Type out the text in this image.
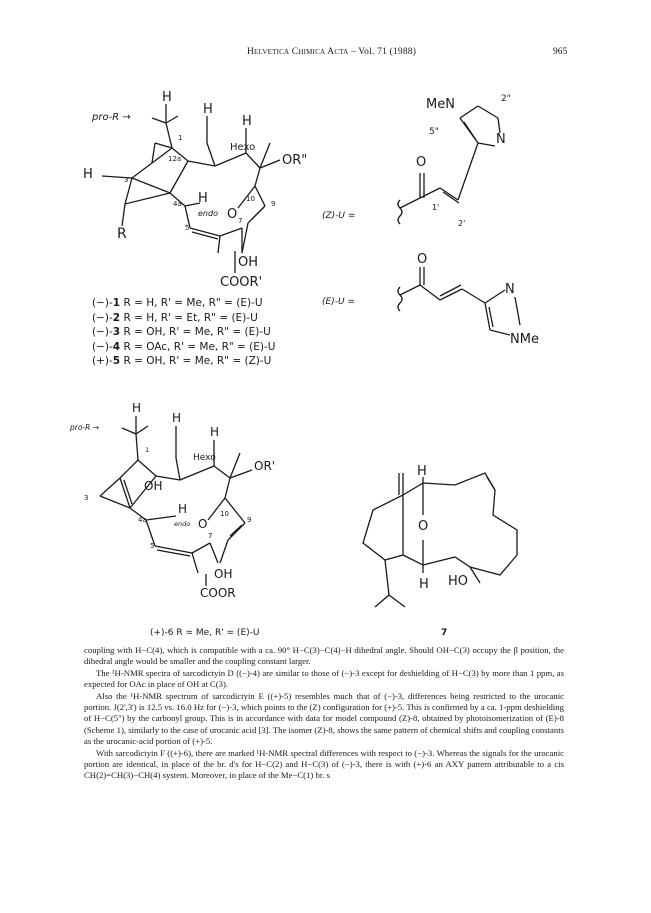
Helvetica Chimica Acta – Vol. 71 (1988)	965
pro-R →
H
H
H
Hexo
OR"
H
H
endo O
R
OH
COOR'
1
12a
3
4a
5
7
9
10
(−)-1 R = H, R' = Me, R" = (E)-U
(−)-2 R = H, R' = Et, R" = (E)-U
(−)-3 R = OH, R' = Me, R" = (E)-U
(−)-4 R = OAc, R' = Me, R" = (E)-U
(+)-5 R = OH, R' = Me, R" = (Z)-U
MeN	2"
5"	N
O
(Z)-U =
1'
2'
O
N
(E)-U =
NMe
pro-R →
H
H
H
Hexo
OR'
OH
H
endo O
OH
COOR
1
3
4a
5
7
9
10
(+)-6 R = Me, R' = (E)-U
H
O
H HO
7

coupling with H−C(4), which is compatible with a ca. 90° H−C(3)−C(4)−H dihedral angle. Should OH−C(3) occupy the β position, the dihedral angle would be smaller and the coupling constant larger.

The ¹H-NMR spectra of sarcodictyin D ((−)-4) are similar to those of (−)-3 except for deshielding of H−C(3) by more than 1 ppm, as expected for OAc in place of OH at C(3).

Also the ¹H-NMR spectrum of sarcodictyin E ((+)-5) resembles much that of (−)-3, differences being restricted to the urocanic portion. J(2',3') is 12.5 vs. 16.0 Hz for (−)-3, which points to the (Z) configuration for (+)-5. This is confirmed by a ca. 1-ppm deshielding of H−C(5") by the carbonyl group. This is in accordance with data for model compound (Z)-8, obtained by photoisomerization of (E)-8 (Scheme 1), similarly to the case of urocanic acid [3]. The isomer (Z)-8, shows the same pattern of chemical shifts and coupling constants as the urocanic-acid portion of (+)-5.

With sarcodictyin F ((+)-6), there are marked ¹H-NMR spectral differences with respect to (−)-3. Whereas the signals for the urocanic portion are identical, in place of the br. d's for H−C(2) and H−C(3) of (−)-3, there is with (+)-6 an AXY pattern attributable to a cis CH(2)=CH(3)−CH(4) system. Moreover, in place of the Me−C(1) br. s
